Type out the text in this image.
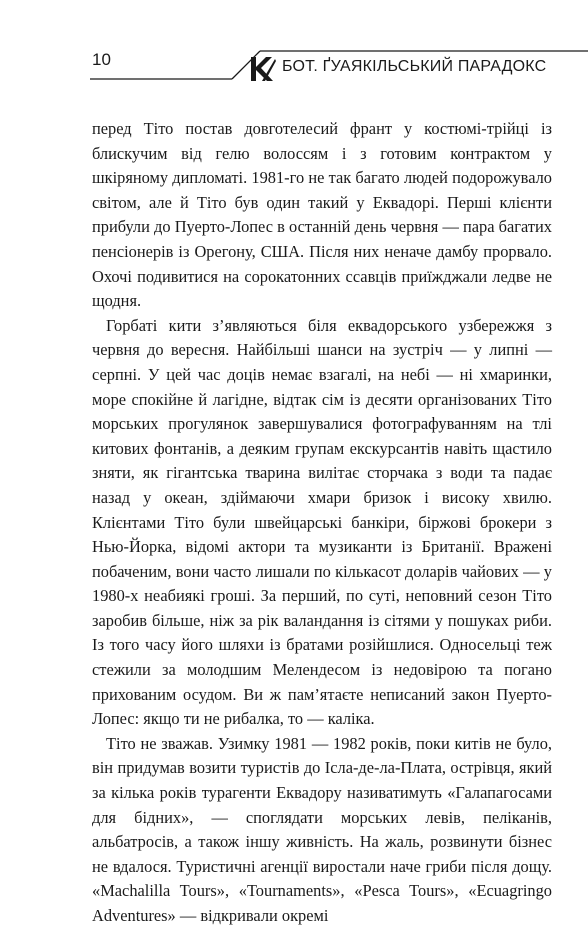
10	БОТ. ҐУАЯКІЛЬСЬКИЙ ПАРАДОКС

перед Тіто постав довготелесий франт у костюмі-трійці із блискучим від гелю волоссям і з готовим контрактом у шкіряному дипломаті. 1981-го не так багато людей подорожувало світом, але й Тіто був один такий у Еквадорі. Перші клієнти прибули до Пуерто-Лопес в останній день червня — пара багатих пенсіонерів із Орегону, США. Після них неначе дамбу прорвало. Охочі подивитися на сорокатонних ссавців приїжджали ледве не щодня.

Горбаті кити з’являються біля еквадорського узбережжя з червня до вересня. Найбільші шанси на зустріч — у липні — серпні. У цей час доців немає взагалі, на небі — ні хмаринки, море спокійне й лагідне, відтак сім із десяти організованих Тіто морських прогулянок завершувалися фотографуванням на тлі китових фонтанів, а деяким групам екскурсантів навіть щастило зняти, як гігантська тварина вилітає сторчака з води та падає назад у океан, здіймаючи хмари бризок і високу хвилю. Клієнтами Тіто були швейцарські банкіри, біржові брокери з Нью-Йорка, відомі актори та музиканти із Британії. Вражені побаченим, вони часто лишали по кількасот доларів чайових — у 1980-х неабиякі гроші. За перший, по суті, неповний сезон Тіто заробив більше, ніж за рік валандання із сітями у пошуках риби. Із того часу його шляхи із братами розійшлися. Односельці теж стежили за молодшим Мелендесом із недовірою та погано прихованим осудом. Ви ж пам’ятаєте неписаний закон Пуерто-Лопес: якщо ти не рибалка, то — каліка.

Тіто не зважав. Узимку 1981 — 1982 років, поки китів не було, він придумав возити туристів до Ісла-де-ла-Плата, острівця, який за кілька років турагенти Еквадору називатимуть «Галапагосами для бідних», — споглядати морських левів, пеліканів, альбатросів, а також іншу живність. На жаль, розвинути бізнес не вдалося. Туристичні агенції виростали наче гриби після дощу. «Machalilla Tours», «Tournaments», «Pesca Tours», «Ecuagringo Adventures» — відкривали окремі
